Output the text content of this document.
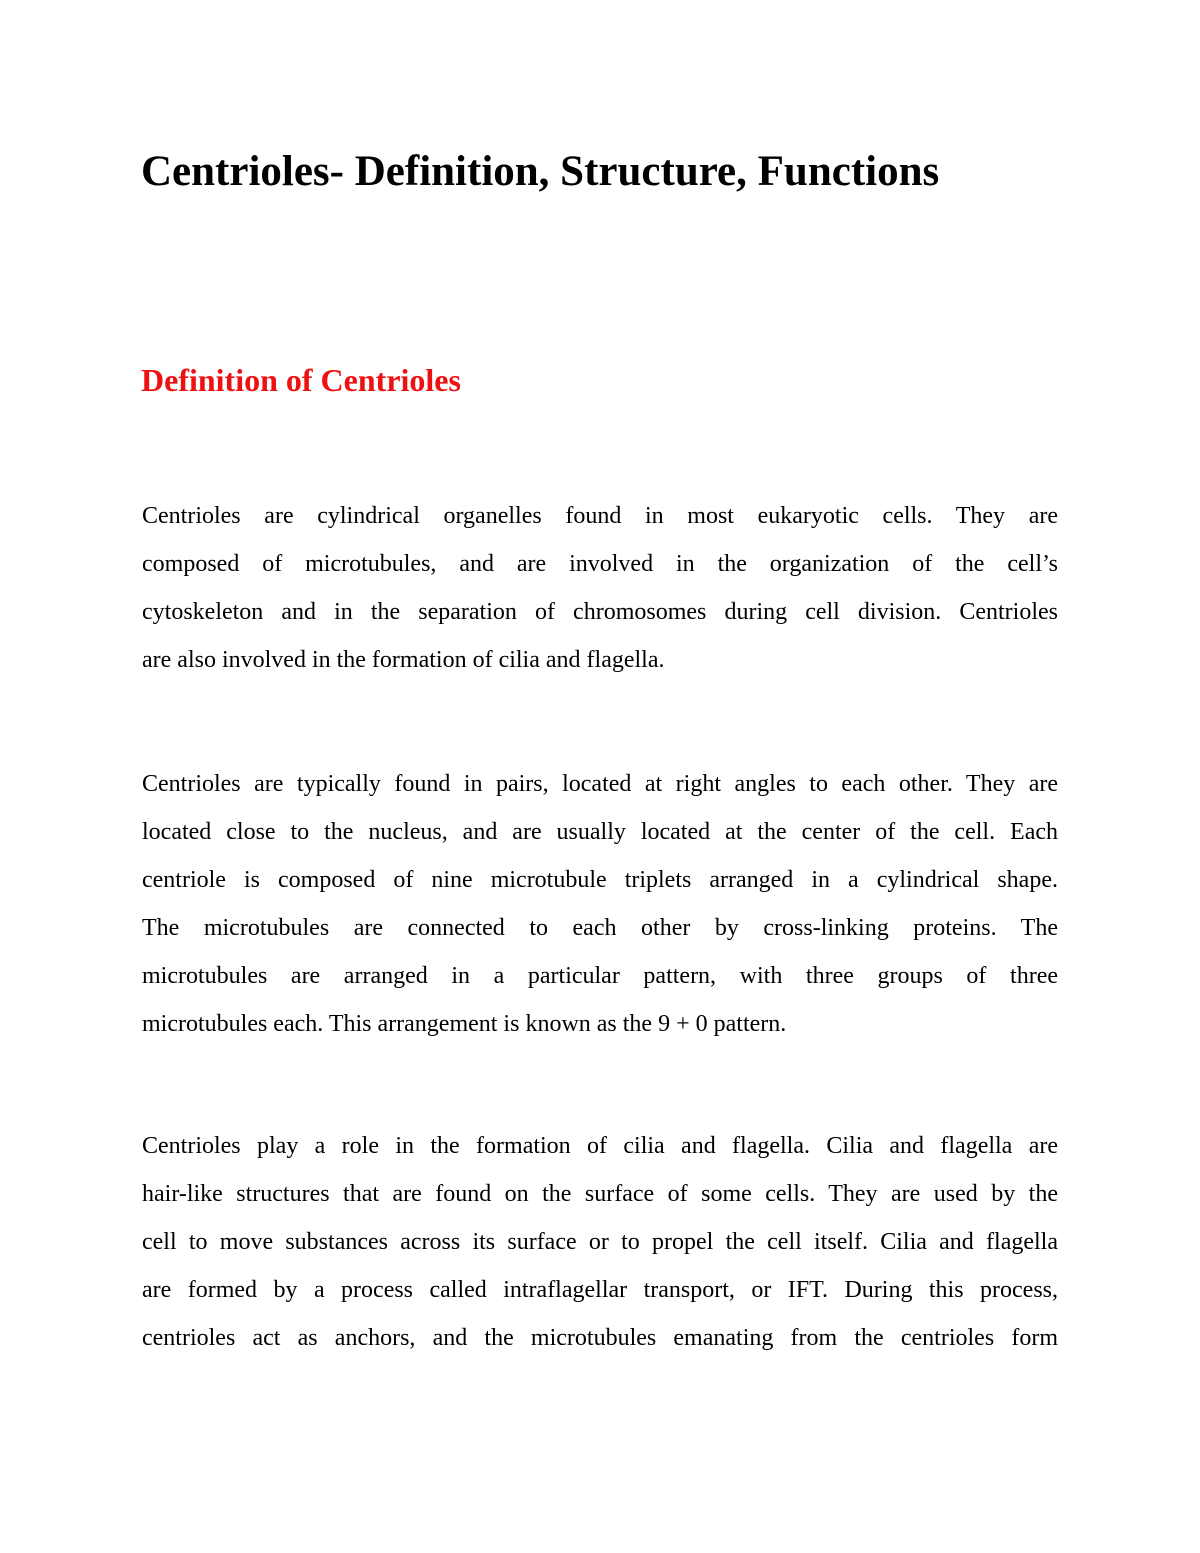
Centrioles- Definition, Structure, Functions
Definition of Centrioles

Centrioles are cylindrical organelles found in most eukaryotic cells. They are
composed of microtubules, and are involved in the organization of the cell’s
cytoskeleton and in the separation of chromosomes during cell division. Centrioles
are also involved in the formation of cilia and flagella.

Centrioles are typically found in pairs, located at right angles to each other. They are
located close to the nucleus, and are usually located at the center of the cell. Each
centriole is composed of nine microtubule triplets arranged in a cylindrical shape.
The microtubules are connected to each other by cross-linking proteins. The
microtubules are arranged in a particular pattern, with three groups of three
microtubules each. This arrangement is known as the 9 + 0 pattern.

Centrioles play a role in the formation of cilia and flagella. Cilia and flagella are
hair-like structures that are found on the surface of some cells. They are used by the
cell to move substances across its surface or to propel the cell itself. Cilia and flagella
are formed by a process called intraflagellar transport, or IFT. During this process,
centrioles act as anchors, and the microtubules emanating from the centrioles form
